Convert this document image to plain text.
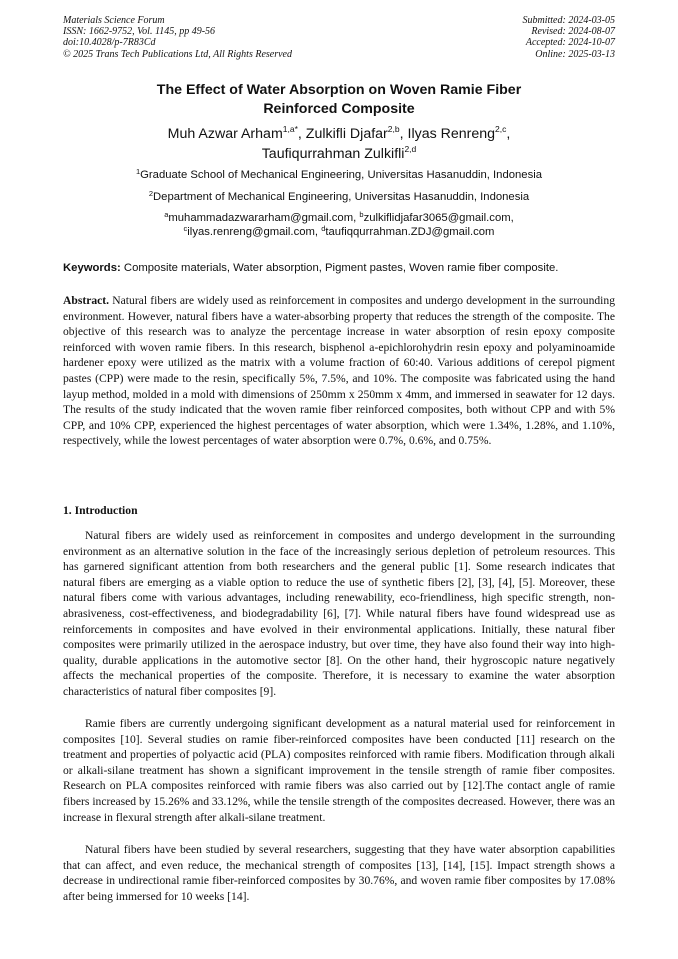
Materials Science Forum
ISSN: 1662-9752, Vol. 1145, pp 49-56
doi:10.4028/p-7R83Cd
© 2025 Trans Tech Publications Ltd, All Rights Reserved
Submitted: 2024-03-05
Revised: 2024-08-07
Accepted: 2024-10-07
Online: 2025-03-13
The Effect of Water Absorption on Woven Ramie Fiber
Reinforced Composite
Muh Azwar Arham$^{1,a*}$, Zulkifli Djafar$^{2,b}$, Ilyas Renreng$^{2,c}$,
Taufiqurrahman Zulkifli$^{2,d}$
$^1$Graduate School of Mechanical Engineering, Universitas Hasanuddin, Indonesia
$^2$Department of Mechanical Engineering, Universitas Hasanuddin, Indonesia
$^a$muhammadazwararham@gmail.com, $^b$zulkiflidjafar3065@gmail.com,
$^c$ilyas.renreng@gmail.com, $^d$taufiqqurrahman.ZDJ@gmail.com
Keywords: Composite materials, Water absorption, Pigment pastes, Woven ramie fiber composite.

Abstract. Natural fibers are widely used as reinforcement in composites and undergo development in the surrounding environment. However, natural fibers have a water-absorbing property that reduces the strength of the composite. The objective of this research was to analyze the percentage increase in water absorption of resin epoxy composite reinforced with woven ramie fibers. In this research, bisphenol a-epichlorohydrin resin epoxy and polyaminoamide hardener epoxy were utilized as the matrix with a volume fraction of 60:40. Various additions of cerepol pigment pastes (CPP) were made to the resin, specifically 5%, 7.5%, and 10%. The composite was fabricated using the hand layup method, molded in a mold with dimensions of 250mm x 250mm x 4mm, and immersed in seawater for 12 days. The results of the study indicated that the woven ramie fiber reinforced composites, both without CPP and with 5% CPP, and 10% CPP, experienced the highest percentages of water absorption, which were 1.34%, 1.28%, and 1.10%, respectively, while the lowest percentages of water absorption were 0.7%, 0.6%, and 0.75%.

1. Introduction

Natural fibers are widely used as reinforcement in composites and undergo development in the surrounding environment as an alternative solution in the face of the increasingly serious depletion of petroleum resources. This has garnered significant attention from both researchers and the general public [1]. Some research indicates that natural fibers are emerging as a viable option to reduce the use of synthetic fibers [2], [3], [4], [5]. Moreover, these natural fibers come with various advantages, including renewability, eco-friendliness, high specific strength, non-abrasiveness, cost-effectiveness, and biodegradability [6], [7]. While natural fibers have found widespread use as reinforcements in composites and have evolved in their environmental applications. Initially, these natural fiber composites were primarily utilized in the aerospace industry, but over time, they have also found their way into high-quality, durable applications in the automotive sector [8]. On the other hand, their hygroscopic nature negatively affects the mechanical properties of the composite. Therefore, it is necessary to examine the water absorption characteristics of natural fiber composites [9].

Ramie fibers are currently undergoing significant development as a natural material used for reinforcement in composites [10]. Several studies on ramie fiber-reinforced composites have been conducted [11] research on the treatment and properties of polyactic acid (PLA) composites reinforced with ramie fibers. Modification through alkali or alkali-silane treatment has shown a significant improvement in the tensile strength of ramie fiber composites. Research on PLA composites reinforced with ramie fibers was also carried out by [12].The contact angle of ramie fibers increased by 15.26% and 33.12%, while the tensile strength of the composites decreased. However, there was an increase in flexural strength after alkali-silane treatment.

Natural fibers have been studied by several researchers, suggesting that they have water absorption capabilities that can affect, and even reduce, the mechanical strength of composites [13], [14], [15]. Impact strength shows a decrease in undirectional ramie fiber-reinforced composites by 30.76%, and woven ramie fiber composites by 17.08% after being immersed for 10 weeks [14].
